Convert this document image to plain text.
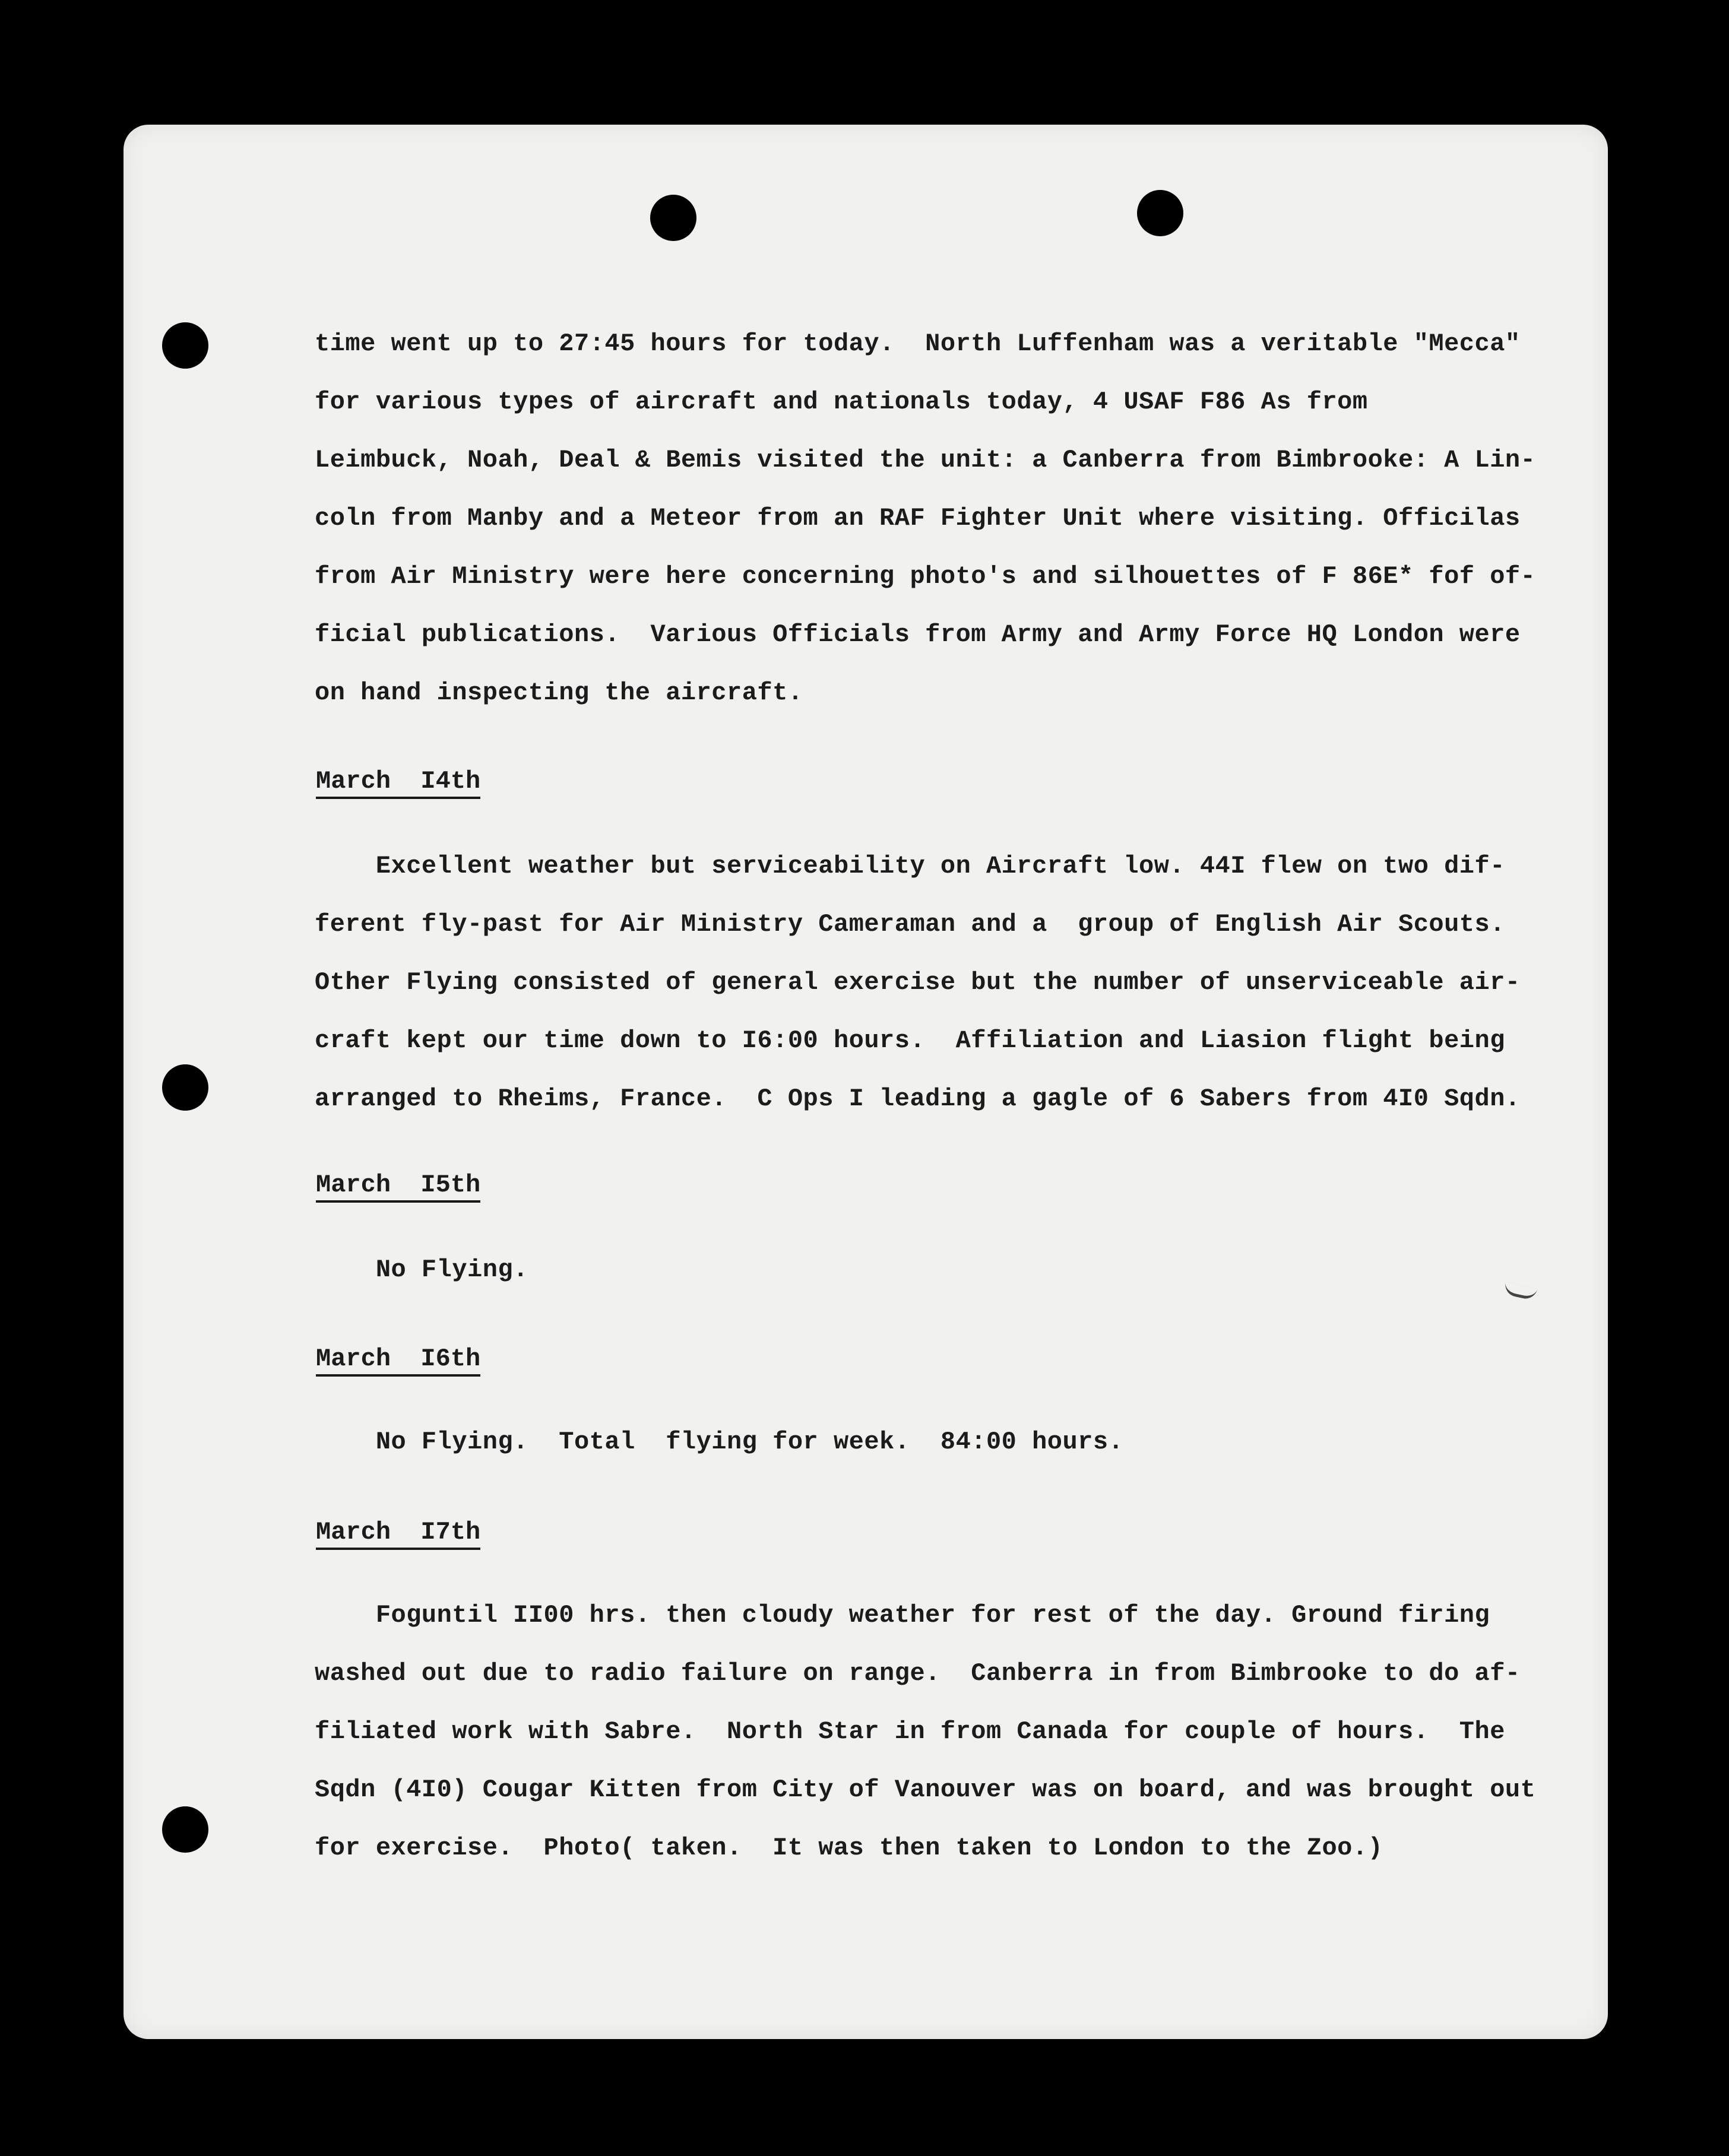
time went up to 27:45 hours for today.  North Luffenham was a veritable "Mecca"
for various types of aircraft and nationals today, 4 USAF F86 As from
Leimbuck, Noah, Deal & Bemis visited the unit: a Canberra from Bimbrooke: A Lin-
coln from Manby and a Meteor from an RAF Fighter Unit where visiting. Officilas
from Air Ministry were here concerning photo's and silhouettes of F 86E* fof of-
ficial publications.  Various Officials from Army and Army Force HQ London were
on hand inspecting the aircraft.
March  I4th
Excellent weather but serviceability on Aircraft low. 44I flew on two dif-
ferent fly-past for Air Ministry Cameraman and a  group of English Air Scouts.
Other Flying consisted of general exercise but the number of unserviceable air-
craft kept our time down to I6:00 hours.  Affiliation and Liasion flight being
arranged to Rheims, France.  C Ops I leading a gagle of 6 Sabers from 4I0 Sqdn.
March  I5th
No Flying.
March  I6th
No Flying.  Total  flying for week.  84:00 hours.
March  I7th
Foguntil II00 hrs. then cloudy weather for rest of the day. Ground firing
washed out due to radio failure on range.  Canberra in from Bimbrooke to do af-
filiated work with Sabre.  North Star in from Canada for couple of hours.  The
Sqdn (4I0) Cougar Kitten from City of Vanouver was on board, and was brought out
for exercise.  Photo( taken.  It was then taken to London to the Zoo.)
